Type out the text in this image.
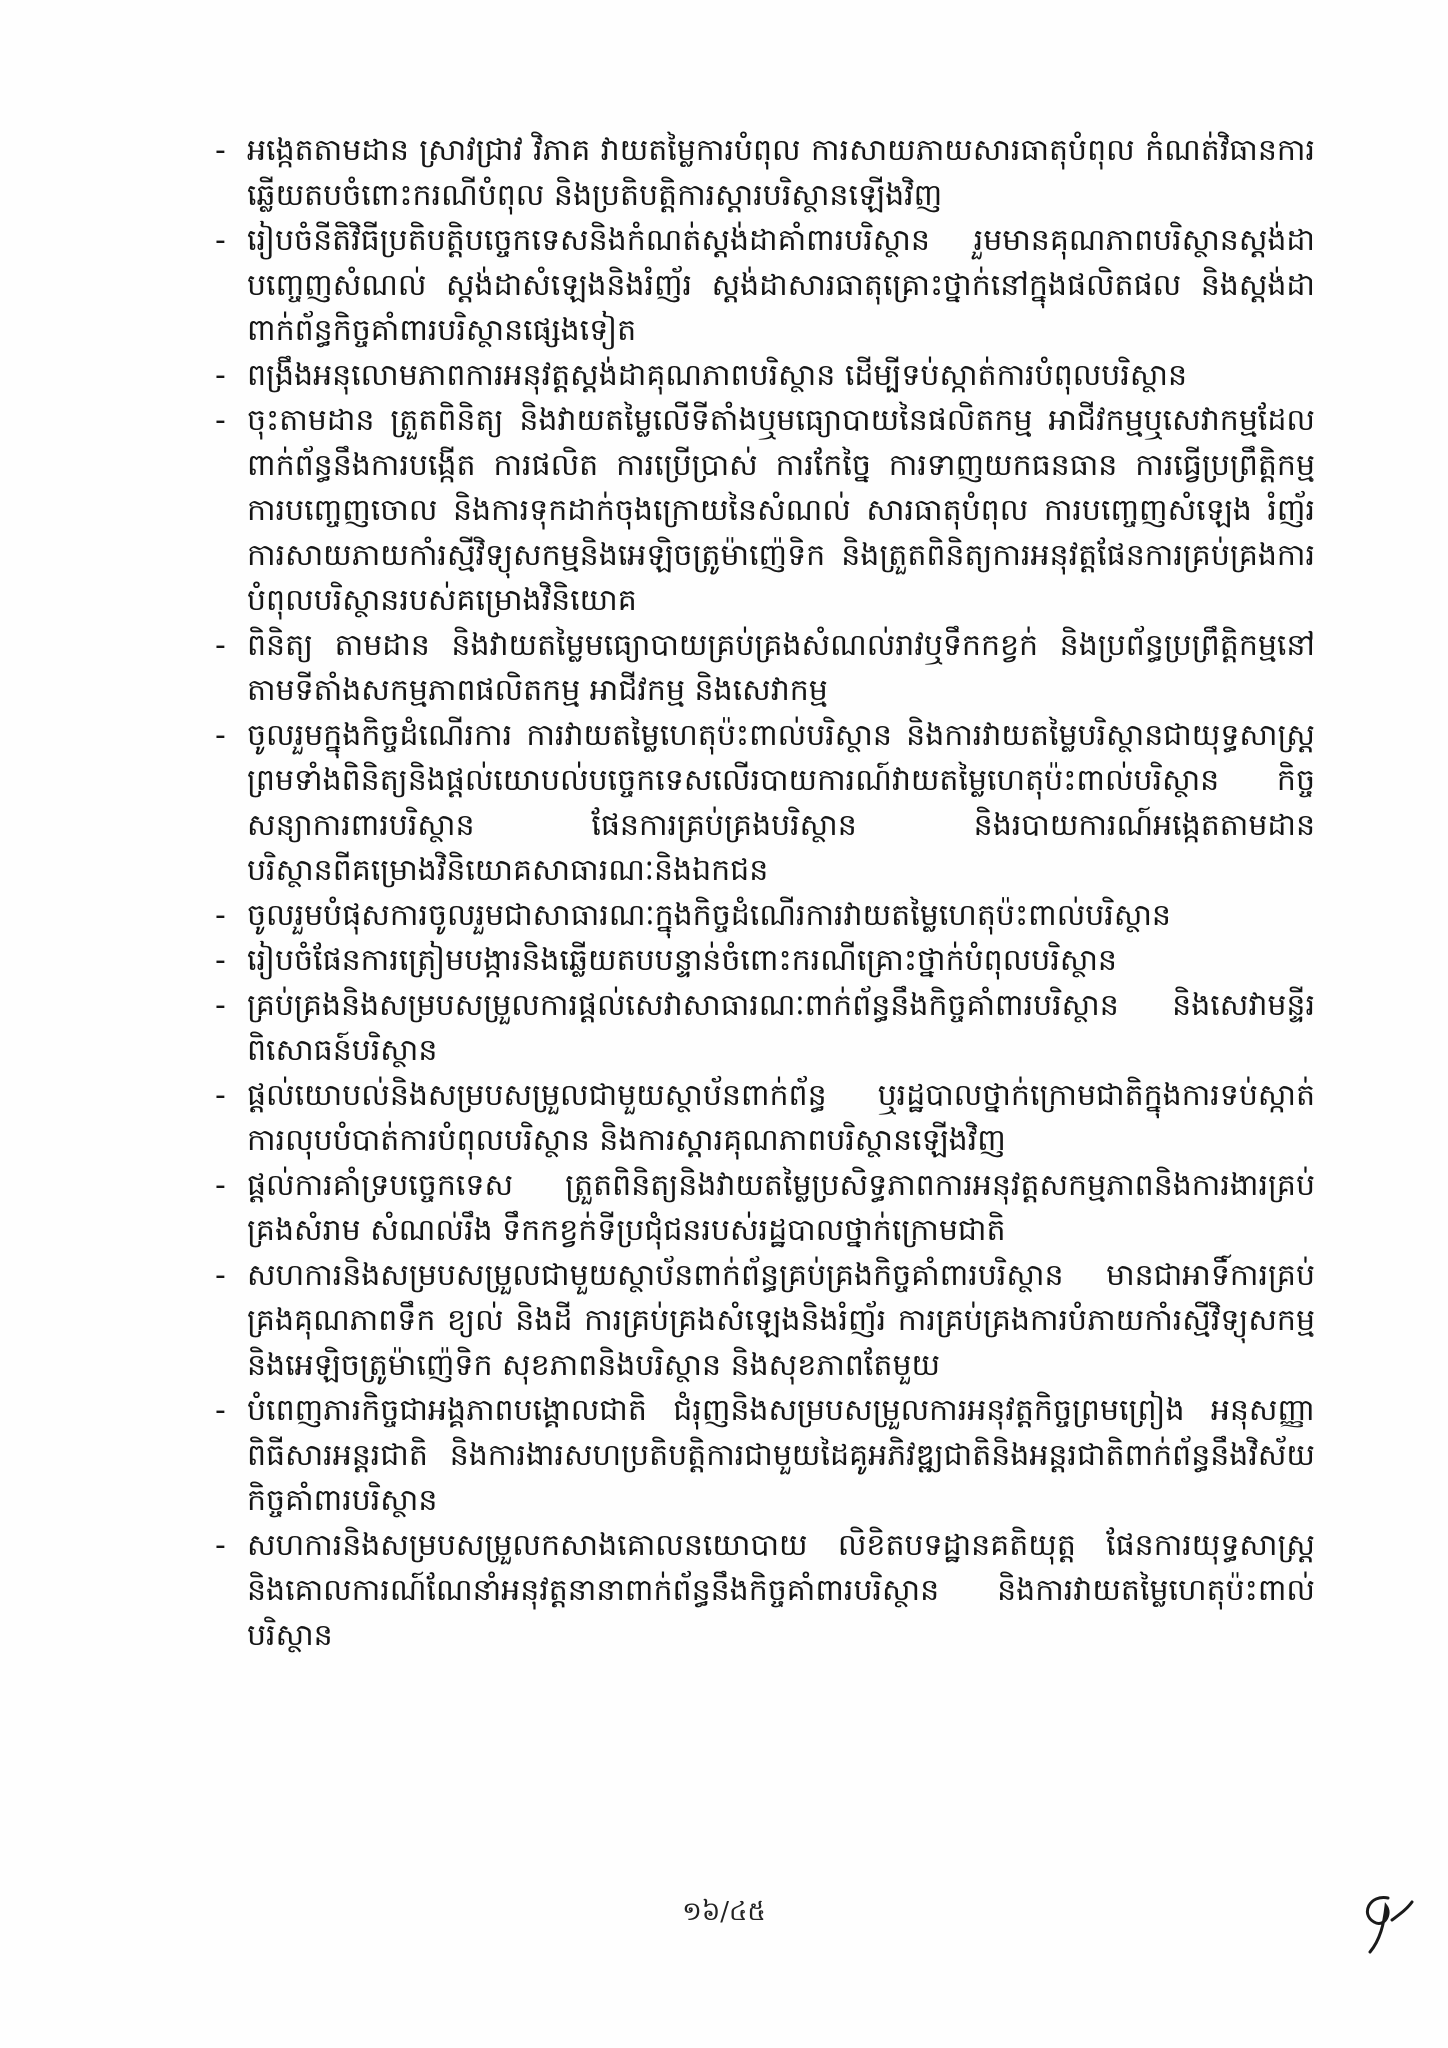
- អង្កេតតាមដាន ស្រាវជ្រាវ វិភាគ វាយតម្លៃការបំពុល ការសាយភាយសារធាតុបំពុល កំណត់វិធានការឆ្លើយតបចំពោះករណីបំពុល និងប្រតិបត្តិការស្តារបរិស្ថានឡើងវិញ
- រៀបចំនីតិវិធីប្រតិបត្តិបច្ចេកទេសនិងកំណត់ស្តង់ដាគាំពារបរិស្ថាន រួមមានគុណភាពបរិស្ថានស្តង់ដាបញ្ចេញសំណល់ ស្តង់ដាសំឡេងនិងរំញ័រ ស្តង់ដាសារធាតុគ្រោះថ្នាក់នៅក្នុងផលិតផល និងស្តង់ដាពាក់ព័ន្ធកិច្ចគាំពារបរិស្ថានផ្សេងទៀត
- ពង្រឹងអនុលោមភាពការអនុវត្តស្តង់ដាគុណភាពបរិស្ថាន ដើម្បីទប់ស្កាត់ការបំពុលបរិស្ថាន
- ចុះតាមដាន ត្រួតពិនិត្យ និងវាយតម្លៃលើទីតាំងឬមធ្យោបាយនៃផលិតកម្ម អាជីវកម្មឬសេវាកម្មដែលពាក់ព័ន្ធនឹងការបង្កើត ការផលិត ការប្រើប្រាស់ ការកែច្នៃ ការទាញយកធនធាន ការធ្វើប្រព្រឹត្តិកម្ម ការបញ្ចេញចោល និងការទុកដាក់ចុងក្រោយនៃសំណល់ សារធាតុបំពុល ការបញ្ចេញសំឡេង រំញ័រ ការសាយភាយកាំរស្មីវិទ្យុសកម្មនិងអេឡិចត្រូម៉ាញ៉េទិក និងត្រួតពិនិត្យការអនុវត្តផែនការគ្រប់គ្រងការបំពុលបរិស្ថានរបស់គម្រោងវិនិយោគ
- ពិនិត្យ តាមដាន និងវាយតម្លៃមធ្យោបាយគ្រប់គ្រងសំណល់រាវឬទឹកកខ្វក់ និងប្រព័ន្ធប្រព្រឹត្តិកម្មនៅតាមទីតាំងសកម្មភាពផលិតកម្ម អាជីវកម្ម និងសេវាកម្ម
- ចូលរួមក្នុងកិច្ចដំណើរការ ការវាយតម្លៃហេតុប៉ះពាល់បរិស្ថាន និងការវាយតម្លៃបរិស្ថានជាយុទ្ធសាស្ត្រព្រមទាំងពិនិត្យនិងផ្តល់យោបល់បច្ចេកទេសលើរបាយការណ៍វាយតម្លៃហេតុប៉ះពាល់បរិស្ថាន កិច្ចសន្យាការពារបរិស្ថាន ផែនការគ្រប់គ្រងបរិស្ថាន និងរបាយការណ៍អង្កេតតាមដានបរិស្ថានពីគម្រោងវិនិយោគសាធារណៈនិងឯកជន
- ចូលរួមបំផុសការចូលរួមជាសាធារណៈក្នុងកិច្ចដំណើរការវាយតម្លៃហេតុប៉ះពាល់បរិស្ថាន
- រៀបចំផែនការត្រៀមបង្ការនិងឆ្លើយតបបន្ទាន់ចំពោះករណីគ្រោះថ្នាក់បំពុលបរិស្ថាន
- គ្រប់គ្រងនិងសម្របសម្រួលការផ្តល់សេវាសាធារណៈពាក់ព័ន្ធនឹងកិច្ចគាំពារបរិស្ថាន និងសេវាមន្ទីរពិសោធន៍បរិស្ថាន
- ផ្តល់យោបល់និងសម្របសម្រួលជាមួយស្ថាប័នពាក់ព័ន្ធ ឬរដ្ឋបាលថ្នាក់ក្រោមជាតិក្នុងការទប់ស្កាត់ការលុបបំបាត់ការបំពុលបរិស្ថាន និងការស្តារគុណភាពបរិស្ថានឡើងវិញ
- ផ្តល់ការគាំទ្របច្ចេកទេស ត្រួតពិនិត្យនិងវាយតម្លៃប្រសិទ្ធភាពការអនុវត្តសកម្មភាពនិងការងារគ្រប់គ្រងសំរាម សំណល់រឹង ទឹកកខ្វក់ទីប្រជុំជនរបស់រដ្ឋបាលថ្នាក់ក្រោមជាតិ
- សហការនិងសម្របសម្រួលជាមួយស្ថាប័នពាក់ព័ន្ធគ្រប់គ្រងកិច្ចគាំពារបរិស្ថាន មានជាអាទិ៍ការគ្រប់គ្រងគុណភាពទឹក ខ្យល់ និងដី ការគ្រប់គ្រងសំឡេងនិងរំញ័រ ការគ្រប់គ្រងការបំភាយកាំរស្មីវិទ្យុសកម្មនិងអេឡិចត្រូម៉ាញ៉េទិក សុខភាពនិងបរិស្ថាន និងសុខភាពតែមួយ
- បំពេញភារកិច្ចជាអង្គភាពបង្គោលជាតិ ជំរុញនិងសម្របសម្រួលការអនុវត្តកិច្ចព្រមព្រៀង អនុសញ្ញា ពិធីសារអន្តរជាតិ និងការងារសហប្រតិបត្តិការជាមួយដៃគូអភិវឌ្ឍជាតិនិងអន្តរជាតិពាក់ព័ន្ធនឹងវិស័យកិច្ចគាំពារបរិស្ថាន
- សហការនិងសម្របសម្រួលកសាងគោលនយោបាយ លិខិតបទដ្ឋានគតិយុត្ត ផែនការយុទ្ធសាស្ត្រ និងគោលការណ៍ណែនាំអនុវត្តនានាពាក់ព័ន្ធនឹងកិច្ចគាំពារបរិស្ថាន និងការវាយតម្លៃហេតុប៉ះពាល់បរិស្ថាន
១៦/៤៥
